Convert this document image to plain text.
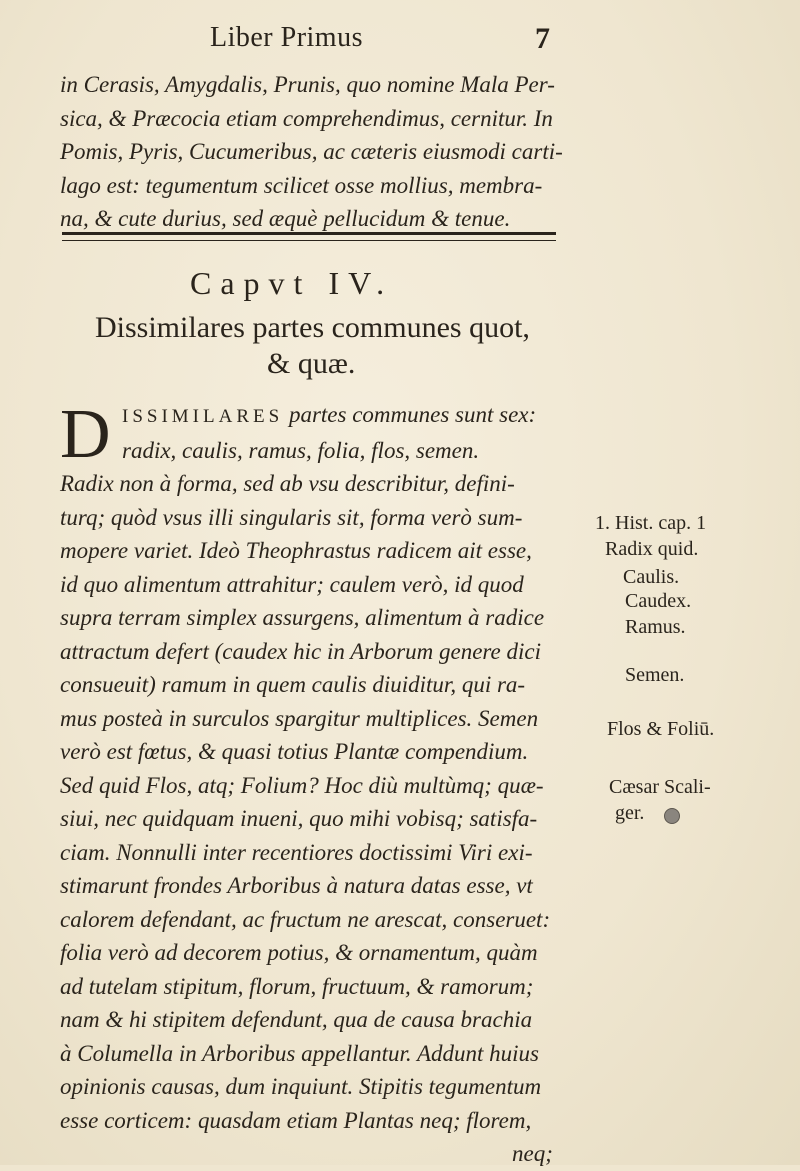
Liber Primus	7
in Cerasis, Amygdalis, Prunis, quo nomine Mala Per-
sica, & Præcocia etiam comprehendimus, cernitur. In
Pomis, Pyris, Cucumeribus, ac cæteris eiusmodi carti-
lago est: tegumentum scilicet osse mollius, membra-
na, & cute durius, sed æquè pellucidum & tenue.
Capvt IV.
Dissimilares partes communes quot,
& quæ.
D ISSIMILARES partes communes sunt sex:
radix, caulis, ramus, folia, flos, semen.
Radix non à forma, sed ab vsu describitur, defini-
turq; quòd vsus illi singularis sit, forma verò sum-
mopere variet. Ideò Theophrastus radicem ait esse,
id quo alimentum attrahitur; caulem verò, id quod
supra terram simplex assurgens, alimentum à radice
attractum defert (caudex hic in Arborum genere dici
consueuit) ramum in quem caulis diuiditur, qui ra-
mus posteà in surculos spargitur multiplices. Semen
verò est fœtus, & quasi totius Plantæ compendium.
Sed quid Flos, atq; Folium? Hoc diù multùmq; quæ-
siui, nec quidquam inueni, quo mihi vobisq; satisfa-
ciam. Nonnulli inter recentiores doctissimi Viri exi-
stimarunt frondes Arboribus à natura datas esse, vt
calorem defendant, ac fructum ne arescat, conseruet:
folia verò ad decorem potius, & ornamentum, quàm
ad tutelam stipitum, florum, fructuum, & ramorum;
nam & hi stipitem defendunt, qua de causa brachia
à Columella in Arboribus appellantur. Addunt huius
opinionis causas, dum inquiunt. Stipitis tegumentum
esse corticem: quasdam etiam Plantas neq; florem,
neq;
1. Hist. cap. 1
Radix quid.
Caulis.
Caudex.
Ramus.
Semen.
Flos & Foliū.
Cæsar Scali-
ger.
